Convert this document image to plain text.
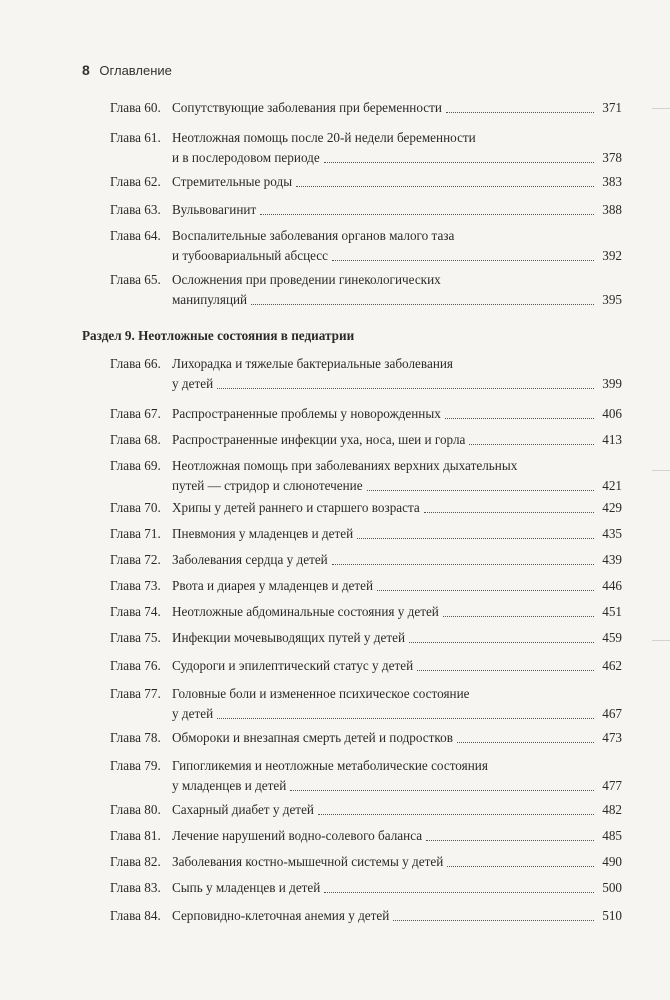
8 Оглавление
Глава 60. Сопутствующие заболевания при беременности	371
Глава 61. Неотложная помощь после 20-й недели беременности
и в послеродовом периоде	378
Глава 62. Стремительные роды	383
Глава 63. Вульвовагинит	388
Глава 64. Воспалительные заболевания органов малого таза
и тубоовариальный абсцесс	392
Глава 65. Осложнения при проведении гинекологических
манипуляций	395
Глава 66. Лихорадка и тяжелые бактериальные заболевания
у детей	399
Глава 67. Распространенные проблемы у новорожденных	406
Глава 68. Распространенные инфекции уха, носа, шеи и горла	413
Глава 69. Неотложная помощь при заболеваниях верхних дыхательных
путей — стридор и слюнотечение	421
Глава 70. Хрипы у детей раннего и старшего возраста	429
Глава 71. Пневмония у младенцев и детей	435
Глава 72. Заболевания сердца у детей	439
Глава 73. Рвота и диарея у младенцев и детей	446
Глава 74. Неотложные абдоминальные состояния у детей	451
Глава 75. Инфекции мочевыводящих путей у детей	459
Глава 76. Судороги и эпилептический статус у детей	462
Глава 77. Головные боли и измененное психическое состояние
у детей	467
Глава 78. Обмороки и внезапная смерть детей и подростков	473
Глава 79. Гипогликемия и неотложные метаболические состояния
у младенцев и детей	477
Глава 80. Сахарный диабет у детей	482
Глава 81. Лечение нарушений водно-солевого баланса	485
Глава 82. Заболевания костно-мышечной системы у детей	490
Глава 83. Сыпь у младенцев и детей	500
Глава 84. Серповидно-клеточная анемия у детей	510
Раздел 9. Неотложные состояния в педиатрии
